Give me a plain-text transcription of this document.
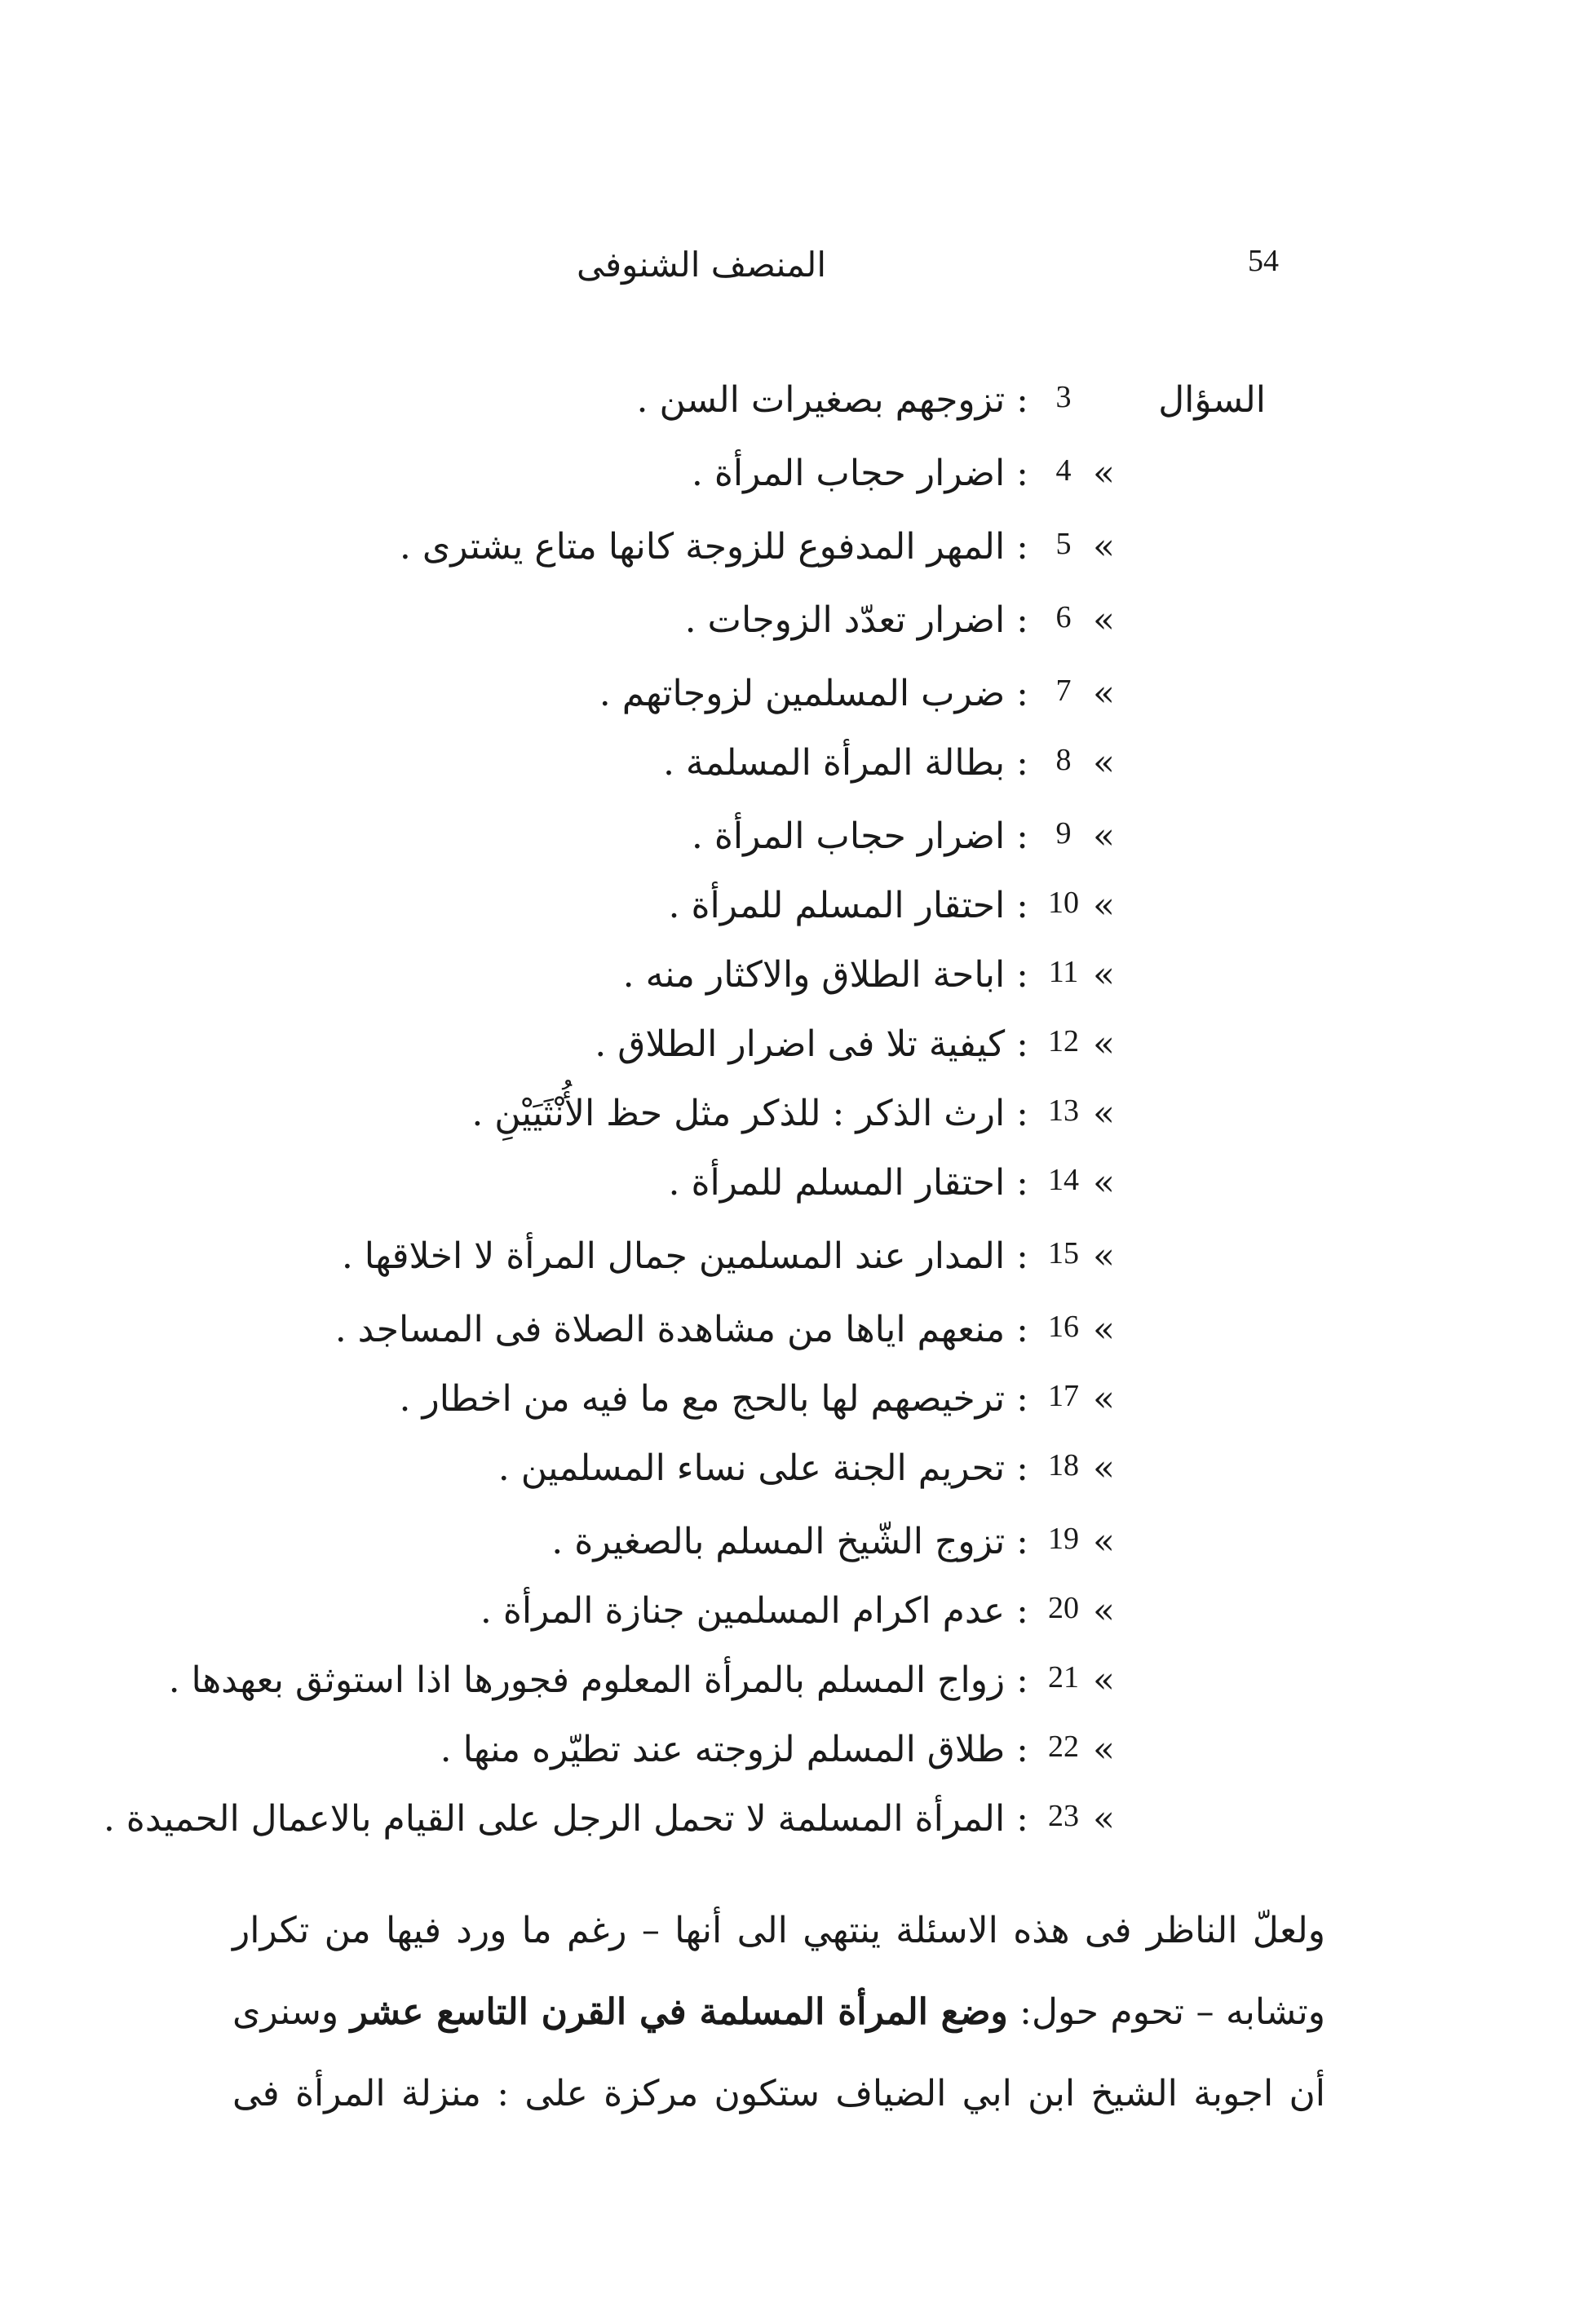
54
المنصف الشنوفى
السؤال
3
: تزوجهم بصغيرات السن .
»
4
: اضرار حجاب المرأة .
»
5
: المهر المدفوع للزوجة كانها متاع يشترى .
»
6
: اضرار تعدّد الزوجات .
»
7
: ضرب المسلمين لزوجاتهم .
»
8
: بطالة المرأة المسلمة .
»
9
: اضرار حجاب المرأة .
»
10
: احتقار المسلم للمرأة .
»
11
: اباحة الطلاق والاكثار منه .
»
12
: كيفية تلا فى اضرار الطلاق .
»
13
: ارث الذكر : للذكر مثل حظ الأُنْثَيَيْنِ .
»
14
: احتقار المسلم للمرأة .
»
15
: المدار عند المسلمين جمال المرأة لا اخلاقها .
»
16
: منعهم اياها من مشاهدة الصلاة فى المساجد .
»
17
: ترخيصهم لها بالحج مع ما فيه من اخطار .
»
18
: تحريم الجنة على نساء المسلمين .
»
19
: تزوج الشّيخ المسلم بالصغيرة .
»
20
: عدم اكرام المسلمين جنازة المرأة .
»
21
: زواج المسلم بالمرأة المعلوم فجورها اذا استوثق بعهدها .
»
22
: طلاق المسلم لزوجته عند تطيّره منها .
»
23
: المرأة المسلمة لا تحمل الرجل على القيام بالاعمال الحميدة .

ولعلّ الناظر فى هذه الاسئلة ينتهي الى أنها – رغم ما ورد فيها من تكرار وتشابه – تحوم حول: وضع المرأة المسلمة في القرن التاسع عشر وسنرى أن اجوبة الشيخ ابن ابي الضياف ستكون مركزة على : منزلة المرأة فى
